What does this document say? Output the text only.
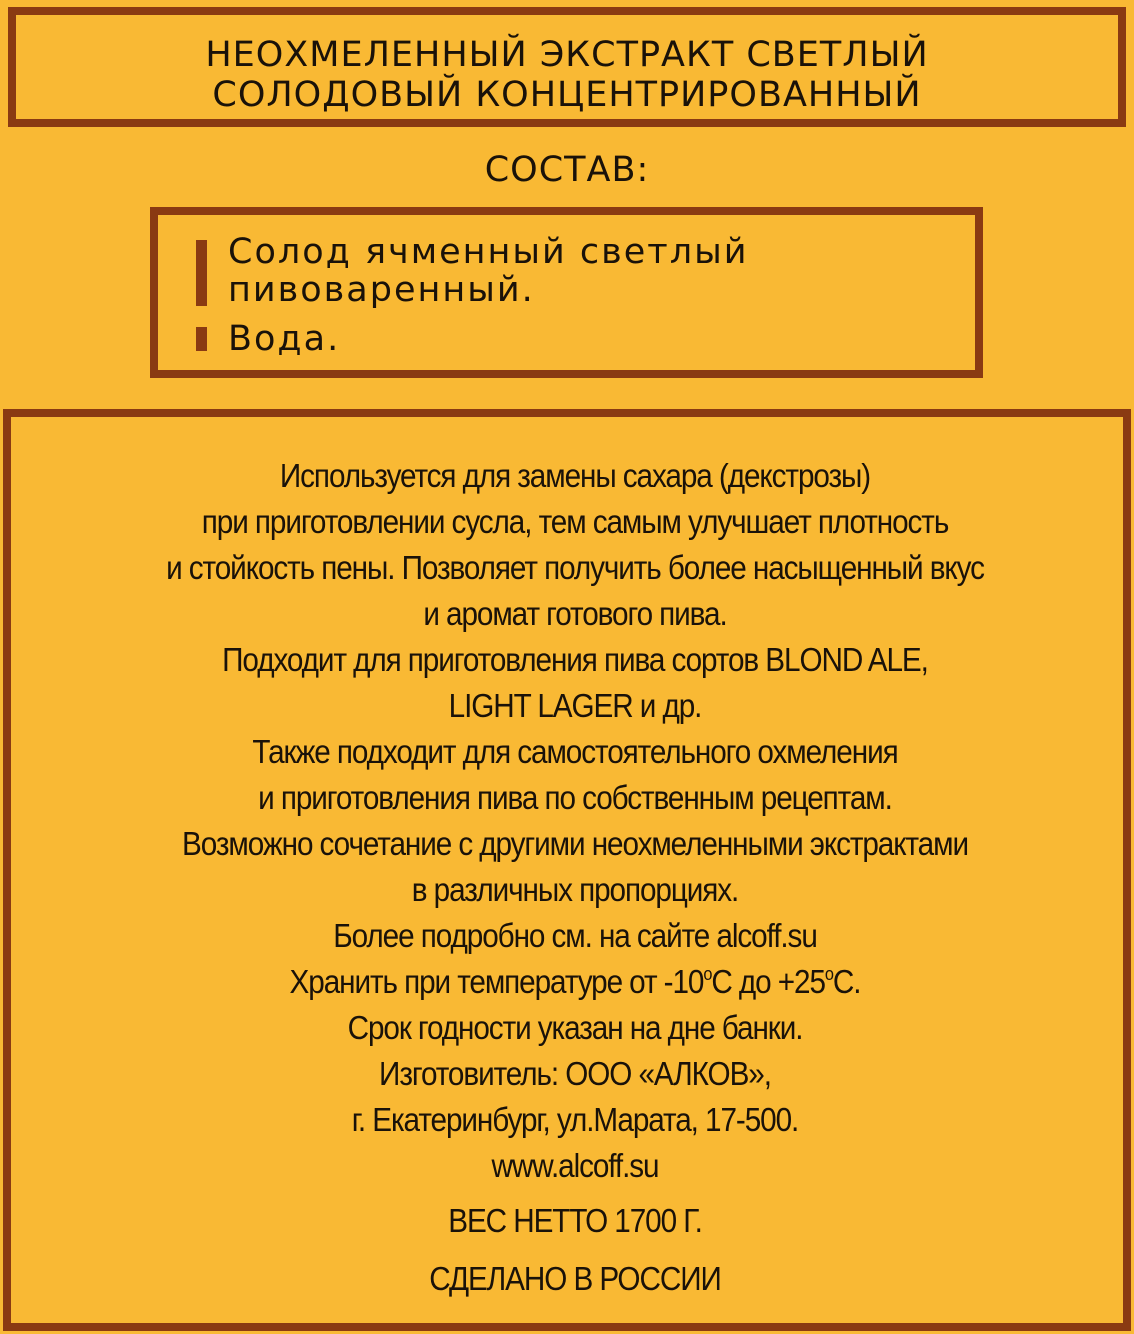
НЕОХМЕЛЕННЫЙ ЭКСТРАКТ СВЕТЛЫЙ
СОЛОДОВЫЙ КОНЦЕНТРИРОВАННЫЙ
СОСТАВ:
Солод ячменный светлый
пивоваренный.
Вода.
Используется для замены сахара (декстрозы)
при приготовлении сусла, тем самым улучшает плотность
и стойкость пены. Позволяет получить более насыщенный вкус
и аромат готового пива.
Подходит для приготовления пива сортов BLOND ALE,
LIGHT LAGER и др.
Также подходит для самостоятельного охмеления
и приготовления пива по собственным рецептам.
Возможно сочетание с другими неохмеленными экстрактами
в различных пропорциях.
Более подробно см. на сайте alcoff.su
Хранить при температуре от $-10^оС$ до $+25^оС$.
Срок годности указан на дне банки.
Изготовитель: ООО «АЛКОВ»,
г. Екатеринбург, ул.Марата, 17-500.
www.alcoff.su
ВЕС НЕТТО 1700 Г.
СДЕЛАНО В РОССИИ
